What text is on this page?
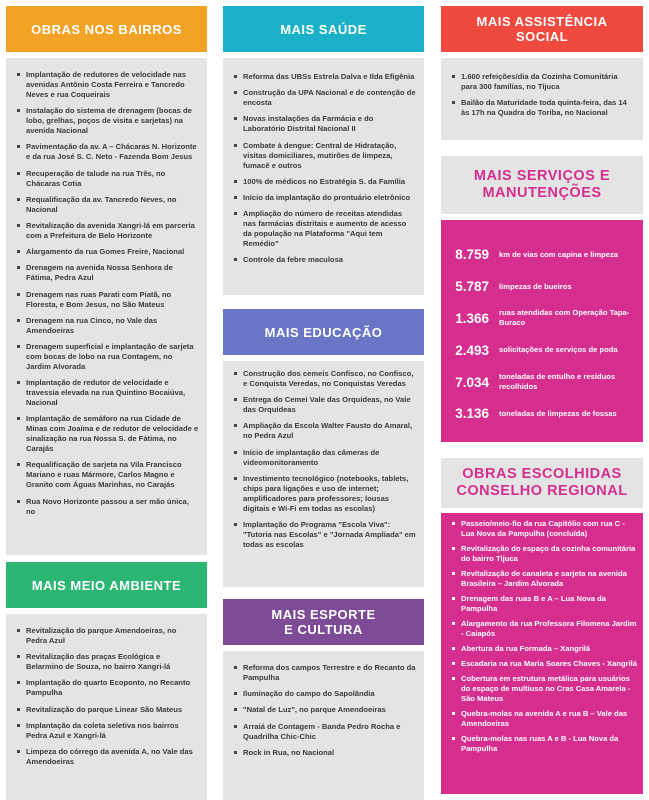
OBRAS NOS BAIRROS
Implantação de redutores de velocidade nas avenidas Antônio Costa Ferreira e Tancredo Neves e rua Coqueirais
Instalação do sistema de drenagem (bocas de lobo, grelhas, poços de visita e sarjetas) na avenida Nacional
Pavimentação da av. A – Chácaras N. Horizonte e da rua José S. C. Neto - Fazenda Bom Jesus
Recuperação de talude na rua Três, no Chácaras Cotia
Requalificação da av. Tancredo Neves, no Nacional
Revitalização da avenida Xangri-lá em parceria com a Prefeitura de Belo Horizonte
Alargamento da rua Gomes Freire, Nacional
Drenagem na avenida Nossa Senhora de Fátima, Pedra Azul
Drenagem nas ruas Parati com Piatã, no Floresta, e Bom Jesus, no São Mateus
Drenagem na rua Cinco, no Vale das Amendoeiras
Drenagem superficial e implantação de sarjeta com bocas de lobo na rua Contagem, no Jardim Alvorada
Implantação de redutor de velocidade e travessia elevada na rua Quintino Bocaiúva, Nacional
Implantação de semáforo na rua Cidade de Minas com Joaíma e de redutor de velocidade e sinalização na rua Nossa S. de Fátima, no Carajás
Requalificação de sarjeta na Vila Francisco Mariano e ruas Mármore, Carlos Magno e Granito com Águas Marinhas, no Carajás
Rua Novo Horizonte passou a ser mão única, no
MAIS MEIO AMBIENTE
Revitalização do parque Amendoeiras, no Pedra Azul
Revitalização das praças Ecológica e Belarmino de Souza, no bairro Xangri-lá
Implantação do quarto Ecoponto, no Recanto Pampulha
Revitalização do parque Linear São Mateus
Implantação da coleta seletiva nos bairros Pedra Azul e Xangri-lá
Limpeza do córrego da avenida A, no Vale das Amendoeiras
MAIS SAÚDE
Reforma das UBSs Estrela Dalva e Ilda Efigênia
Construção da UPA Nacional e de contenção de encosta
Novas instalações da Farmácia e do Laboratório Distrital Nacional II
Combate à dengue: Central de Hidratação, visitas domiciliares, mutirões de limpeza, fumacê e outros
100% de médicos no Estratégia S. da Família
Início da implantação do prontuário eletrônico
Ampliação do número de receitas atendidas nas farmácias distritais e aumento de acesso da população na Plataforma "Aqui tem Remédio"
Controle da febre maculosa
MAIS EDUCAÇÃO
Construção dos cemeis Confisco, no Confisco, e Conquista Veredas, no Conquistas Veredas
Entrega do Cemei Vale das Orquídeas, no Vale das Orquídeas
Ampliação da Escola Walter Fausto do Amaral, no Pedra Azul
Início de implantação das câmeras de videomonitoramento
Investimento tecnológico (notebooks, tablets, chips para ligações e uso de internet; amplificadores para professores; lousas digitais e Wi-Fi em todas as escolas)
Implantação do Programa "Escola Viva": "Tutoria nas Escolas" e "Jornada Ampliada" em todas as escolas
MAIS ESPORTE
E CULTURA
Reforma dos campos Terrestre e do Recanto da Pampulha
Iluminação do campo do Sapolândia
"Natal de Luz", no parque Amendoeiras
Arraiá de Contagem - Banda Pedro Rocha e Quadrilha Chic-Chic
Rock in Rua, no Nacional
MAIS ASSISTÊNCIA
SOCIAL
1.600 refeições/dia da Cozinha Comunitária para 300 famílias, no Tijuca
Bailão da Maturidade toda quinta-feira, das 14 às 17h na Quadra do Toriba, no Nacional
MAIS SERVIÇOS E
MANUTENÇÕES
8.759	km de vias com capina e limpeza
5.787	limpezas de bueiros
1.366	ruas atendidas com Operação Tapa-Buraco
2.493	solicitações de serviços de poda
7.034	toneladas de entulho e resíduos recolhidos
3.136	toneladas de limpezas de fossas
OBRAS ESCOLHIDAS
CONSELHO REGIONAL
Passeio/meio-fio da rua Capitólio com rua C - Lua Nova da Pampulha (concluída)
Revitalização do espaço da cozinha comunitária do bairro Tijuca
Revitalização de canaleta e sarjeta na avenida Brasileira – Jardim Alvorada
Drenagem das ruas B e A – Lua Nova da Pampulha
Alargamento da rua Professora Filomena Jardim - Caiapós
Abertura da rua Formada – Xangrilá
Escadaria na rua Maria Soares Chaves - Xangrilá
Cobertura em estrutura metálica para usuários do espaço de multiuso no Cras Casa Amarela - São Mateus
Quebra-molas na avenida A e rua B – Vale das Amendoeiras
Quebra-molas nas ruas A e B - Lua Nova da Pampulha
